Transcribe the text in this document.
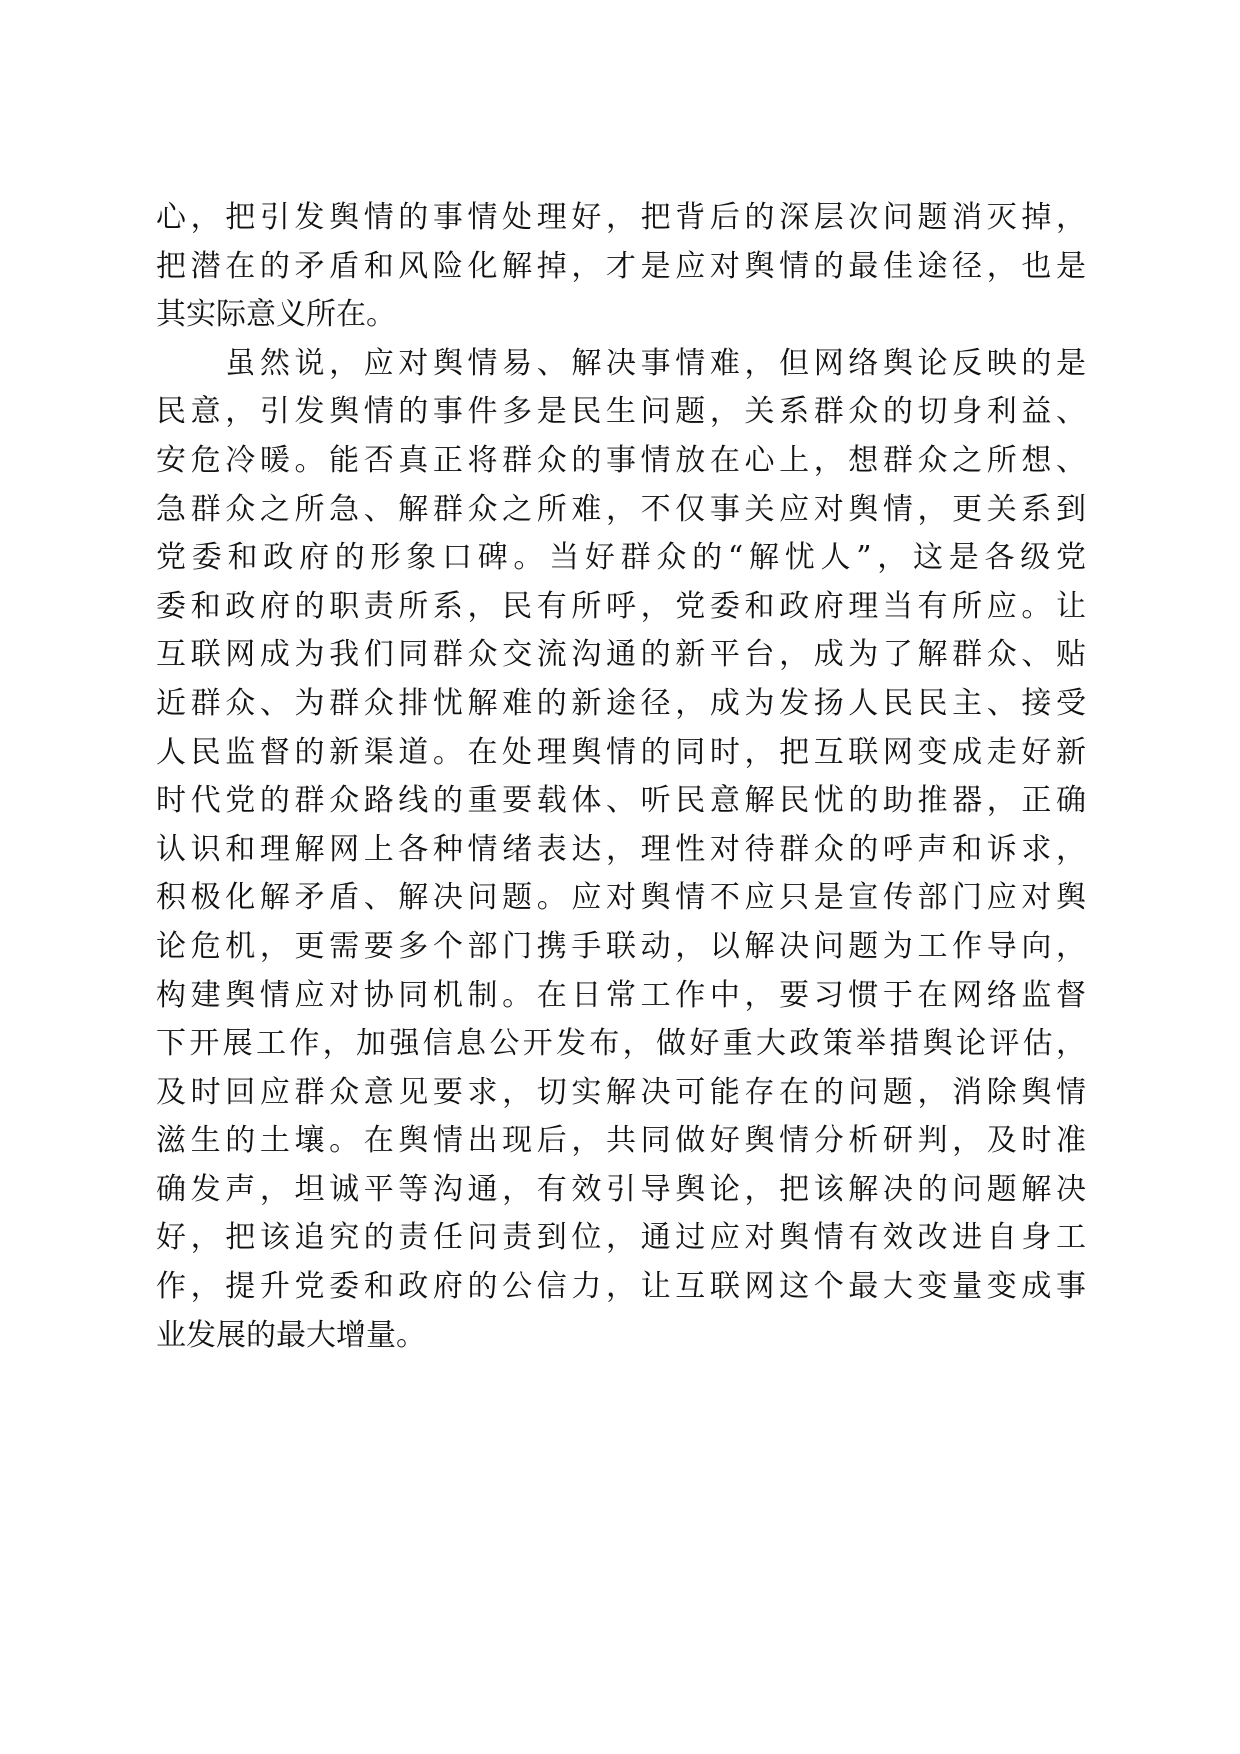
心，把引发舆情的事情处理好，把背后的深层次问题消灭掉，
把潜在的矛盾和风险化解掉，才是应对舆情的最佳途径，也是
其实际意义所在。
　　虽然说，应对舆情易、解决事情难，但网络舆论反映的是
民意，引发舆情的事件多是民生问题，关系群众的切身利益、
安危冷暖。能否真正将群众的事情放在心上，想群众之所想、
急群众之所急、解群众之所难，不仅事关应对舆情，更关系到
党委和政府的形象口碑。当好群众的“解忧人”，这是各级党
委和政府的职责所系，民有所呼，党委和政府理当有所应。让
互联网成为我们同群众交流沟通的新平台，成为了解群众、贴
近群众、为群众排忧解难的新途径，成为发扬人民民主、接受
人民监督的新渠道。在处理舆情的同时，把互联网变成走好新
时代党的群众路线的重要载体、听民意解民忧的助推器，正确
认识和理解网上各种情绪表达，理性对待群众的呼声和诉求，
积极化解矛盾、解决问题。应对舆情不应只是宣传部门应对舆
论危机，更需要多个部门携手联动，以解决问题为工作导向，
构建舆情应对协同机制。在日常工作中，要习惯于在网络监督
下开展工作，加强信息公开发布，做好重大政策举措舆论评估，
及时回应群众意见要求，切实解决可能存在的问题，消除舆情
滋生的土壤。在舆情出现后，共同做好舆情分析研判，及时准
确发声，坦诚平等沟通，有效引导舆论，把该解决的问题解决
好，把该追究的责任问责到位，通过应对舆情有效改进自身工
作，提升党委和政府的公信力，让互联网这个最大变量变成事
业发展的最大增量。
